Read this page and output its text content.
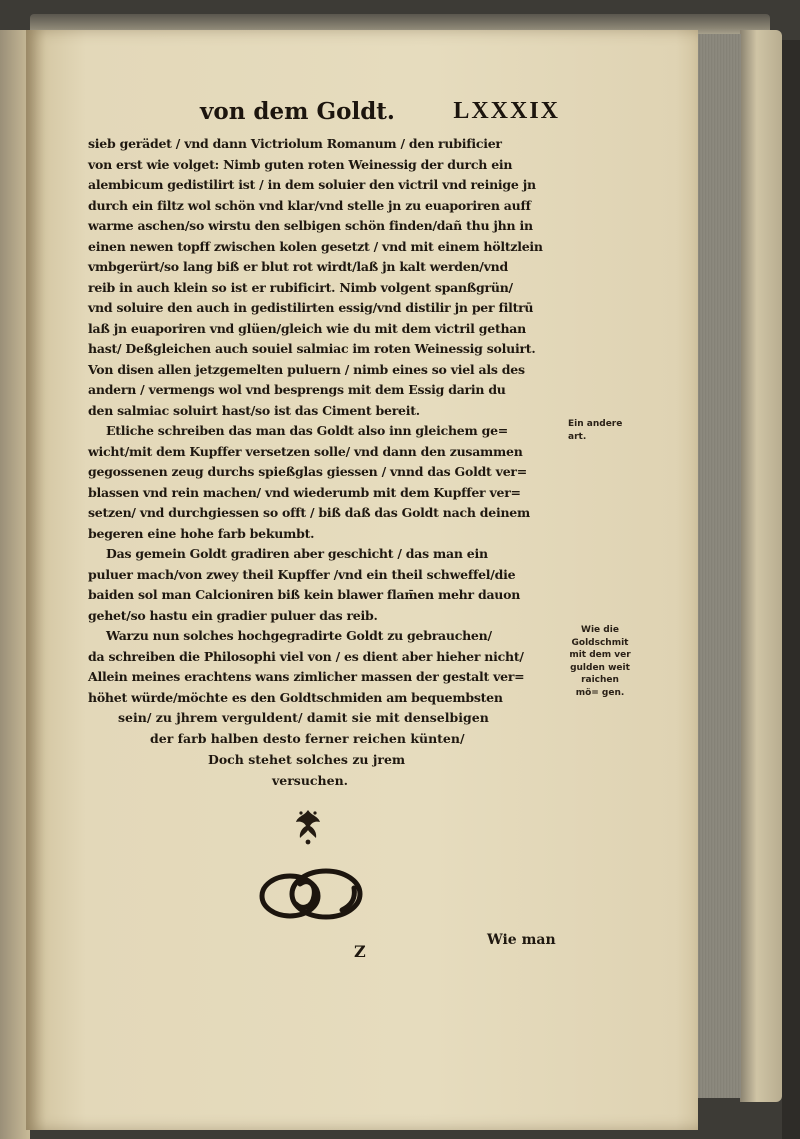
von dem Goldt. LXXXIX
sieb gerädet / vnd dann Victriolum Romanum / den rubificier
von erst wie volget: Nimb guten roten Weinessig der durch ein
alembicum gedistilirt ist / in dem soluier den victril vnd reinige jn
durch ein filtz wol schön vnd klar/vnd stelle jn zu euaporiren auff
warme aschen/so wirstu den selbigen schön finden/dañ thu jhn in
einen newen topff zwischen kolen gesetzt / vnd mit einem höltzlein
vmbgerürt/so lang biß er blut rot wirdt/laß jn kalt werden/vnd
reib in auch klein so ist er rubificirt. Nimb volgent spanßgrün/
vnd soluire den auch in gedistilirten essig/vnd distilir jn per filtrū
laß jn euaporiren vnd glüen/gleich wie du mit dem victril gethan
hast/ Deßgleichen auch souiel salmiac im roten Weinessig soluirt.
Von disen allen jetzgemelten puluern / nimb eines so viel als des
andern / vermengs wol vnd besprengs mit dem Essig darin du
den salmiac soluirt hast/so ist das Ciment bereit.
Etliche schreiben das man das Goldt also inn gleichem ge=
wicht/mit dem Kupffer versetzen solle/ vnd dann den zusammen
gegossenen zeug durchs spießglas giessen / vnnd das Goldt ver=
blassen vnd rein machen/ vnd wiederumb mit dem Kupffer ver=
setzen/ vnd durchgiessen so offt / biß daß das Goldt nach deinem
begeren eine hohe farb bekumbt.
Das gemein Goldt gradiren aber geschicht / das man ein
puluer mach/von zwey theil Kupffer /vnd ein theil schweffel/die
baiden sol man Calcioniren biß kein blawer flam̄en mehr dauon
gehet/so hastu ein gradier puluer das reib.
Warzu nun solches hochgegradirte Goldt zu gebrauchen/
da schreiben die Philosophi viel von / es dient aber hieher nicht/
Allein meines erachtens wans zimlicher massen der gestalt ver=
höhet würde/möchte es den Goldtschmiden am bequembsten
sein/ zu jhrem verguldent/ damit sie mit denselbigen
der farb halben desto ferner reichen künten/
Doch stehet solches zu jrem
versuchen.
Ein andere art.
Wie die Goldschmit mit dem ver gulden weit raichen mö= gen.
Z
Wie man
